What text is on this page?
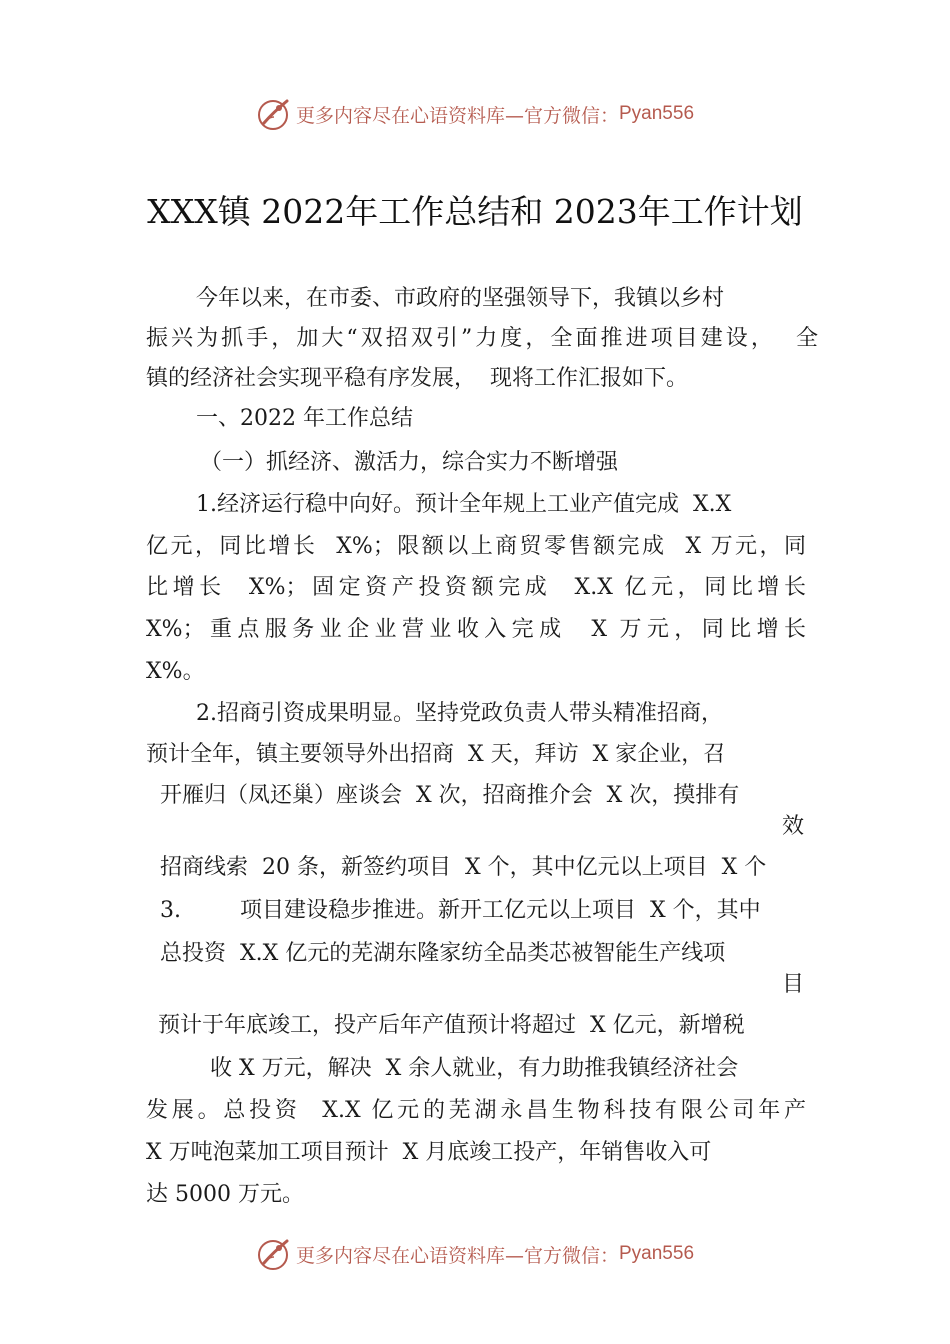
更多内容尽在心语资料库—官方微信： Pyan556
XXX镇 2022年工作总结和 2023年工作计划
今年以来，在市委、市政府的坚强领导下，我镇以乡村
振兴为抓手，加大“双招双引”力度，全面推进项目建设，  全
镇的经济社会实现平稳有序发展，  现将工作汇报如下。
一、2022 年工作总结
（一）抓经济、激活力，综合实力不断增强
1.经济运行稳中向好。预计全年规上工业产值完成  X.X
亿元，同比增长  X%；限额以上商贸零售额完成  X 万元，同
比增长  X%；固定资产投资额完成  X.X 亿元，同比增长
X%；重点服务业企业营业收入完成  X 万元，同比增长
X%。
2.招商引资成果明显。坚持党政负责人带头精准招商，
预计全年，镇主要领导外出招商  X 天，拜访  X 家企业，召
开雁归（凤还巢）座谈会  X 次，招商推介会  X 次，摸排有
效
招商线索  20 条，新签约项目  X 个，其中亿元以上项目  X 个
3.	项目建设稳步推进。新开工亿元以上项目  X 个，其中
总投资  X.X 亿元的芜湖东隆家纺全品类芯被智能生产线项
目
预计于年底竣工，投产后年产值预计将超过  X 亿元，新增税
收 X 万元，解决  X 余人就业，有力助推我镇经济社会
发展。总投资  X.X 亿元的芜湖永昌生物科技有限公司年产
X 万吨泡菜加工项目预计  X 月底竣工投产，年销售收入可
达 5000 万元。
更多内容尽在心语资料库—官方微信： Pyan556
